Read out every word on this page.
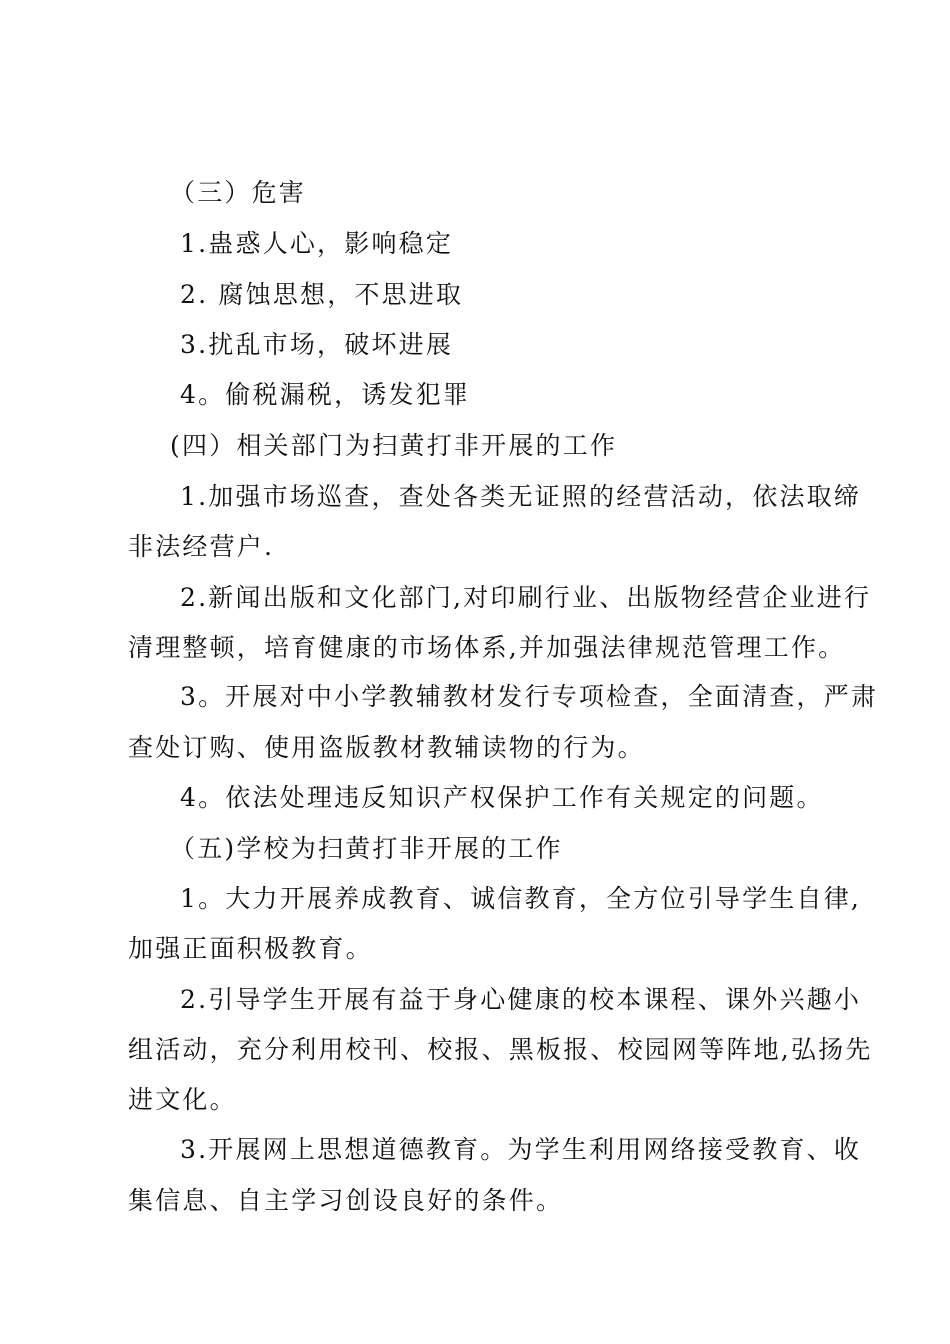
（三）危害
1.蛊惑人心，影响稳定
2. 腐蚀思想，不思进取
3.扰乱市场，破坏进展
4。偷税漏税，诱发犯罪
(四）相关部门为扫黄打非开展的工作
1.加强市场巡查，查处各类无证照的经营活动，依法取缔
非法经营户.
2.新闻出版和文化部门,对印刷行业、出版物经营企业进行
清理整顿，培育健康的市场体系,并加强法律规范管理工作。
3。开展对中小学教辅教材发行专项检查，全面清查，严肃
查处订购、使用盗版教材教辅读物的行为。
4。依法处理违反知识产权保护工作有关规定的问题。
（五)学校为扫黄打非开展的工作
1。大力开展养成教育、诚信教育，全方位引导学生自律,
加强正面积极教育。
2.引导学生开展有益于身心健康的校本课程、课外兴趣小
组活动，充分利用校刊、校报、黑板报、校园网等阵地,弘扬先
进文化。
3.开展网上思想道德教育。为学生利用网络接受教育、收
集信息、自主学习创设良好的条件。
